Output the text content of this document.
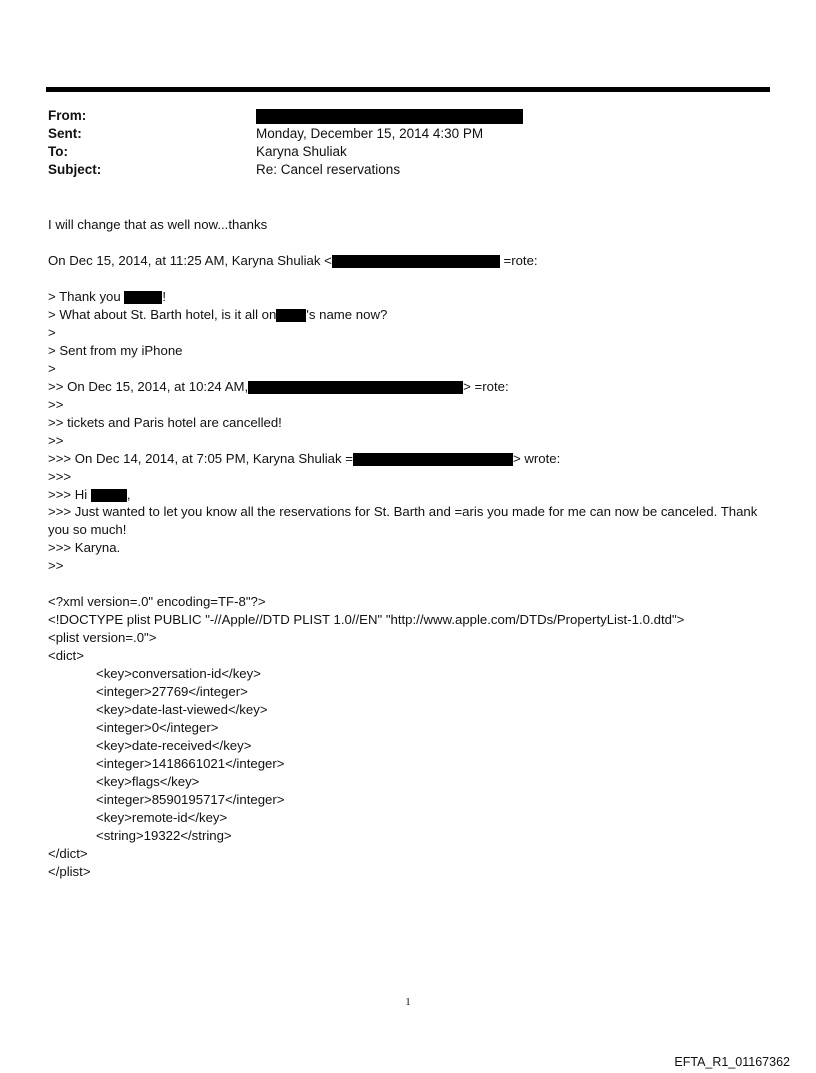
From:
Sent:	Monday, December 15, 2014 4:30 PM
To:	Karyna Shuliak
Subject:	Re: Cancel reservations
I will change that as well now...thanks
On Dec 15, 2014, at 11:25 AM, Karyna Shuliak <	=rote:
> Thank you	!
> What about St. Barth hotel, is it all on 's name now?
>
> Sent from my iPhone
>
>> On Dec 15, 2014, at 10:24 AM,	> =rote:
>>
>> tickets and Paris hotel are cancelled!
>>
>>> On Dec 14, 2014, at 7:05 PM, Karyna Shuliak =	> wrote:
>>>
>>> Hi	,
>>> Just wanted to let you know all the reservations for St. Barth and =aris you made for me can now be canceled. Thank you so much!
>>> Karyna.
>>
<?xml version=.0" encoding=TF-8"?>
<!DOCTYPE plist PUBLIC "-//Apple//DTD PLIST 1.0//EN" "http://www.apple.com/DTDs/PropertyList-1.0.dtd">
<plist version=.0">
<dict>
<key>conversation-id</key>
<integer>27769</integer>
<key>date-last-viewed</key>
<integer>0</integer>
<key>date-received</key>
<integer>1418661021</integer>
<key>flags</key>
<integer>8590195717</integer>
<key>remote-id</key>
<string>19322</string>
</dict>
</plist>
1
EFTA_R1_01167362
